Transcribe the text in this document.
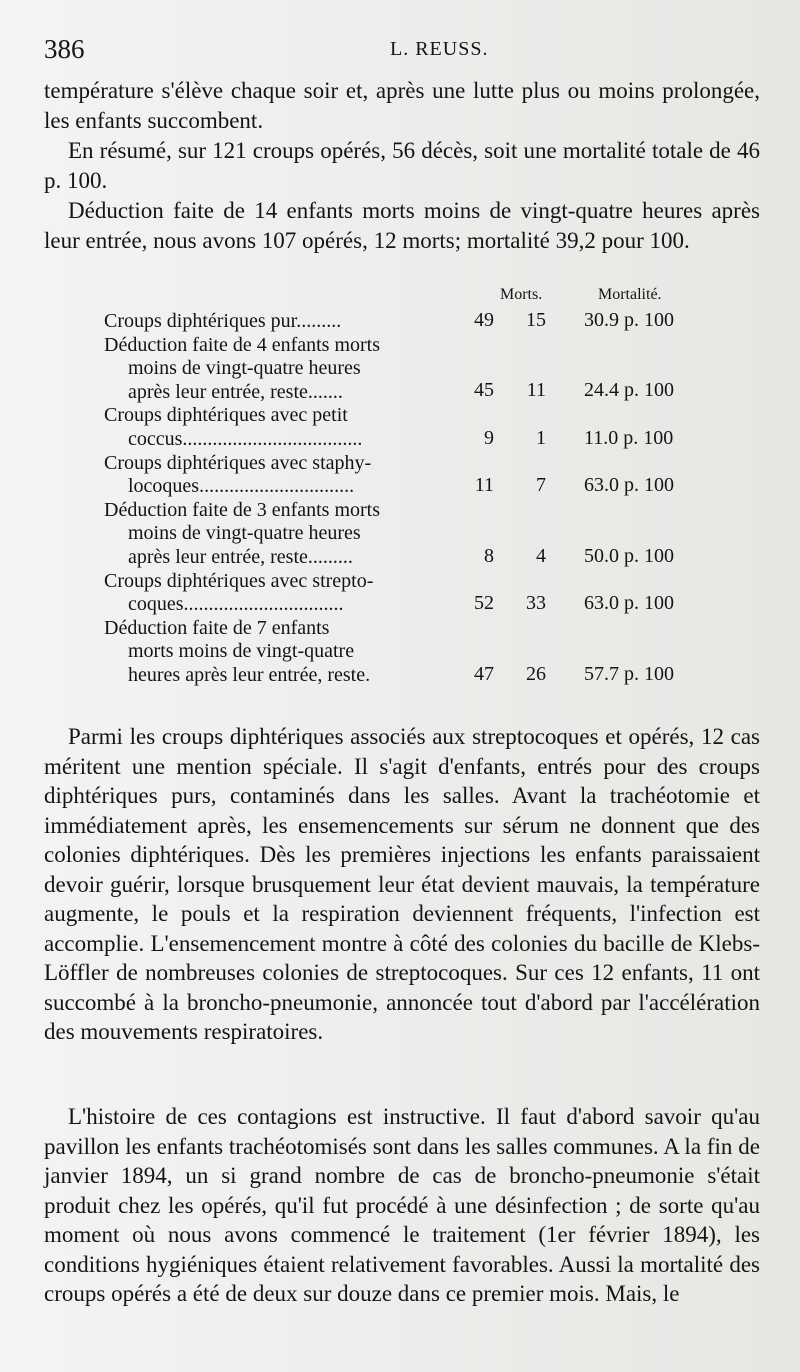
386	L. REUSS.

température s'élève chaque soir et, après une lutte plus ou moins prolongée, les enfants succombent.

En résumé, sur 121 croups opérés, 56 décès, soit une mortalité totale de 46 p. 100.

Déduction faite de 14 enfants morts moins de vingt-quatre heures après leur entrée, nous avons 107 opérés, 12 morts; mortalité 39,2 pour 100.

Morts.	Mortalité.
Croups diphtériques pur.........	49	15 30.9 p. 100
Déduction faite de 4 enfants morts
moins de vingt-quatre heures
après leur entrée, reste.......	45	11 24.4 p. 100
Croups diphtériques avec petit
coccus....................................	9	1 11.0 p. 100
Croups diphtériques avec staphy-
locoques...............................	11	7 63.0 p. 100
Déduction faite de 3 enfants morts
moins de vingt-quatre heures
après leur entrée, reste.........	8	4 50.0 p. 100
Croups diphtériques avec strepto-
coques................................	52	33 63.0 p. 100
Déduction faite de 7 enfants
morts moins de vingt-quatre
heures après leur entrée, reste.	47	26 57.7 p. 100

Parmi les croups diphtériques associés aux streptocoques et opérés, 12 cas méritent une mention spéciale. Il s'agit d'enfants, entrés pour des croups diphtériques purs, contaminés dans les salles. Avant la trachéotomie et immédiatement après, les ensemencements sur sérum ne donnent que des colonies diphtériques. Dès les premières injections les enfants paraissaient devoir guérir, lorsque brusquement leur état devient mauvais, la température augmente, le pouls et la respiration deviennent fréquents, l'infection est accomplie. L'ensemencement montre à côté des colonies du bacille de Klebs-Löffler de nombreuses colonies de streptocoques. Sur ces 12 enfants, 11 ont succombé à la broncho-pneumonie, annoncée tout d'abord par l'accélération des mouvements respiratoires.

L'histoire de ces contagions est instructive. Il faut d'abord savoir qu'au pavillon les enfants trachéotomisés sont dans les salles communes. A la fin de janvier 1894, un si grand nombre de cas de broncho-pneumonie s'était produit chez les opérés, qu'il fut procédé à une désinfection ; de sorte qu'au moment où nous avons commencé le traitement (1er février 1894), les conditions hygiéniques étaient relativement favorables. Aussi la mortalité des croups opérés a été de deux sur douze dans ce premier mois. Mais, le
